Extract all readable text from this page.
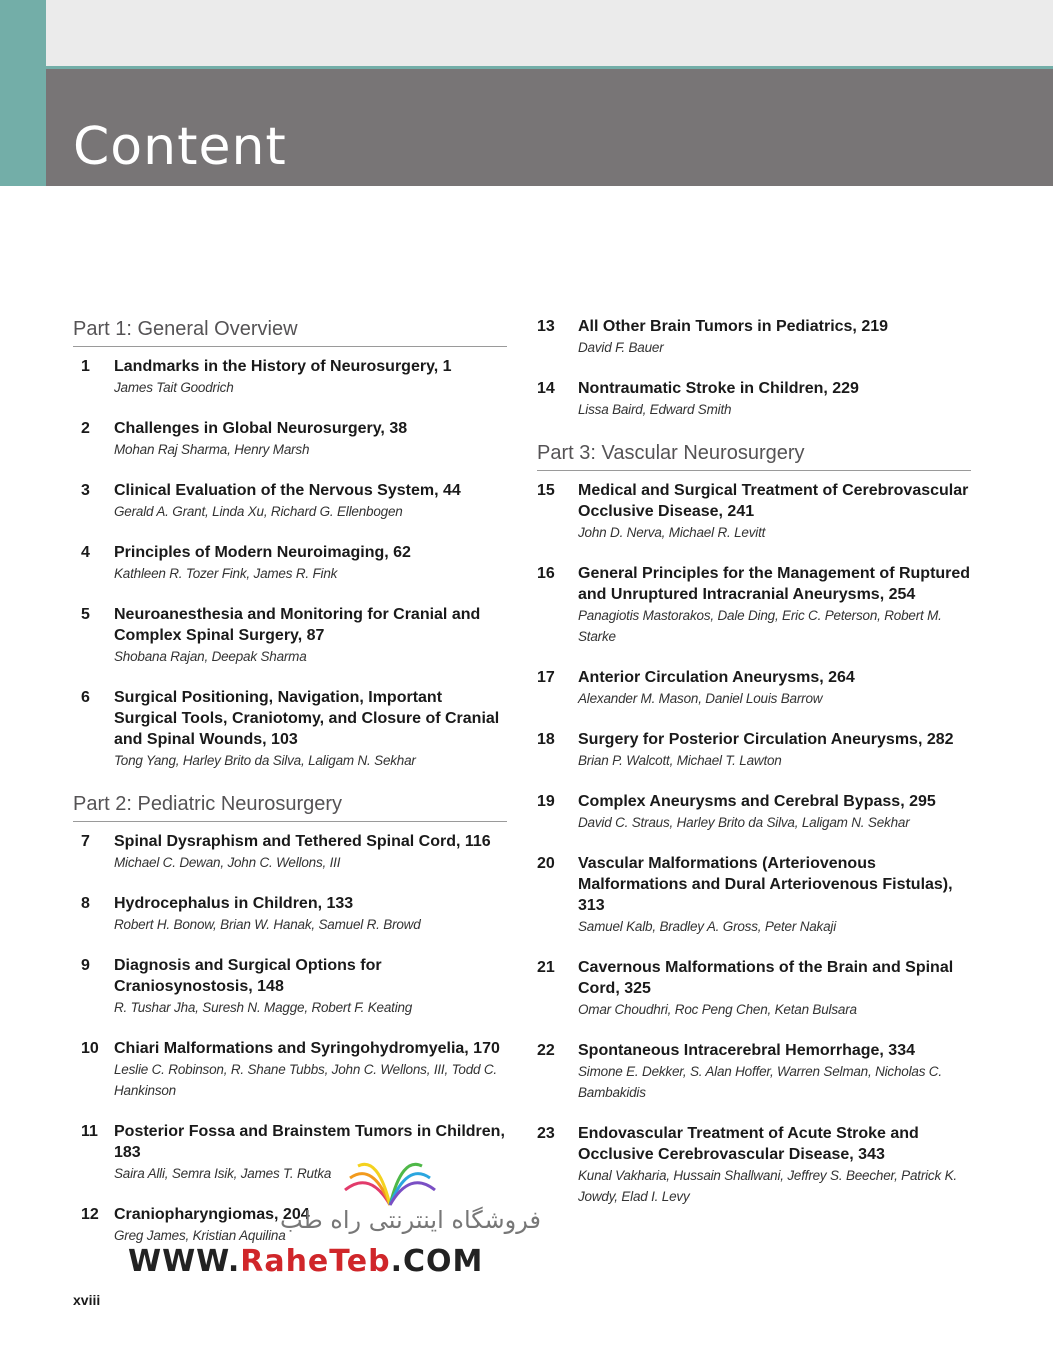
Content
Part 1: General Overview
1	Landmarks in the History of Neurosurgery, 1
James Tait Goodrich
2	Challenges in Global Neurosurgery, 38
Mohan Raj Sharma, Henry Marsh
3	Clinical Evaluation of the Nervous System, 44
Gerald A. Grant, Linda Xu, Richard G. Ellenbogen
4	Principles of Modern Neuroimaging, 62
Kathleen R. Tozer Fink, James R. Fink
5	Neuroanesthesia and Monitoring for Cranial and Complex Spinal Surgery, 87
Shobana Rajan, Deepak Sharma
6	Surgical Positioning, Navigation, Important Surgical Tools, Craniotomy, and Closure of Cranial and Spinal Wounds, 103
Tong Yang, Harley Brito da Silva, Laligam N. Sekhar
Part 2: Pediatric Neurosurgery
7	Spinal Dysraphism and Tethered Spinal Cord, 116
Michael C. Dewan, John C. Wellons, III
8	Hydrocephalus in Children, 133
Robert H. Bonow, Brian W. Hanak, Samuel R. Browd
9	Diagnosis and Surgical Options for Craniosynostosis, 148
R. Tushar Jha, Suresh N. Magge, Robert F. Keating
10 Chiari Malformations and Syringohydromyelia, 170
Leslie C. Robinson, R. Shane Tubbs, John C. Wellons, III, Todd C. Hankinson
11	Posterior Fossa and Brainstem Tumors in Children, 183
Saira Alli, Semra Isik, James T. Rutka
12 Craniopharyngiomas, 204
Greg James, Kristian Aquilina
13 All Other Brain Tumors in Pediatrics, 219
David F. Bauer
14 Nontraumatic Stroke in Children, 229
Lissa Baird, Edward Smith
Part 3: Vascular Neurosurgery
15 Medical and Surgical Treatment of Cerebrovascular Occlusive Disease, 241
John D. Nerva, Michael R. Levitt
16 General Principles for the Management of Ruptured and Unruptured Intracranial Aneurysms, 254
Panagiotis Mastorakos, Dale Ding, Eric C. Peterson, Robert M. Starke
17 Anterior Circulation Aneurysms, 264
Alexander M. Mason, Daniel Louis Barrow
18 Surgery for Posterior Circulation Aneurysms, 282
Brian P. Walcott, Michael T. Lawton
19 Complex Aneurysms and Cerebral Bypass, 295
David C. Straus, Harley Brito da Silva, Laligam N. Sekhar
20 Vascular Malformations (Arteriovenous Malformations and Dural Arteriovenous Fistulas), 313
Samuel Kalb, Bradley A. Gross, Peter Nakaji
21 Cavernous Malformations of the Brain and Spinal Cord, 325
Omar Choudhri, Roc Peng Chen, Ketan Bulsara
22 Spontaneous Intracerebral Hemorrhage, 334
Simone E. Dekker, S. Alan Hoffer, Warren Selman, Nicholas C. Bambakidis
23 Endovascular Treatment of Acute Stroke and Occlusive Cerebrovascular Disease, 343
Kunal Vakharia, Hussain Shallwani, Jeffrey S. Beecher, Patrick K. Jowdy, Elad I. Levy
xviii
فروشگاه اینترنتی راه طب
WWW.RaheTeb.COM
